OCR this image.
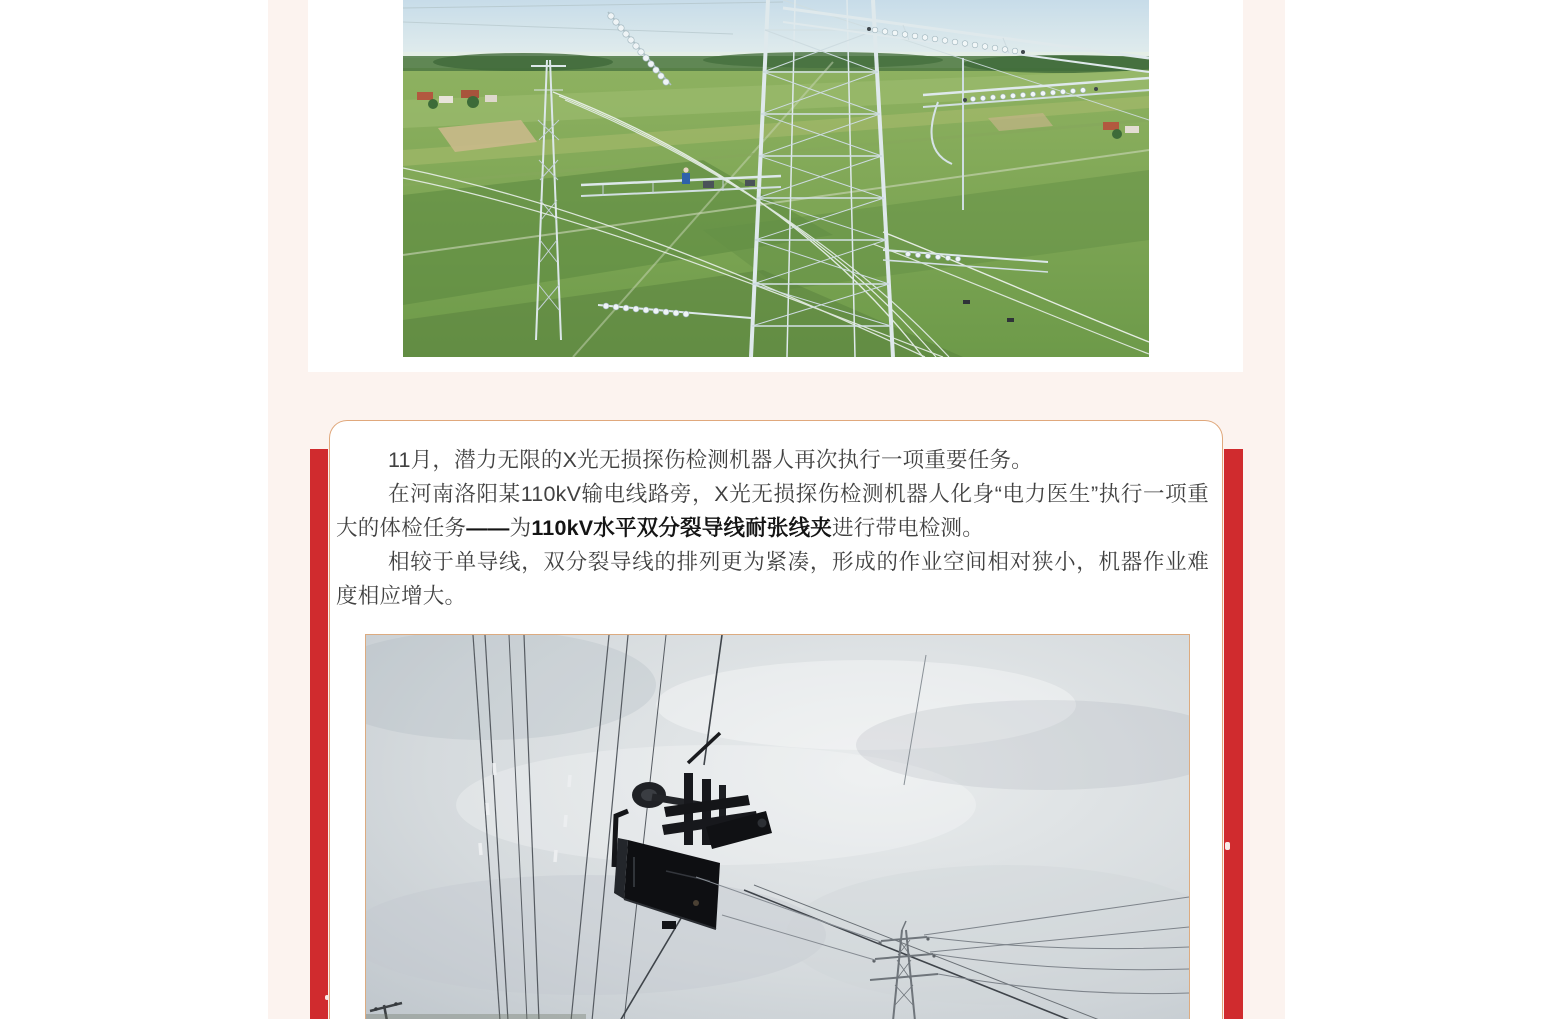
11月，潜力无限的X光无损探伤检测机器人再次执行一项重要任务。

在河南洛阳某110kV输电线路旁，X光无损探伤检测机器人化身“电力医生”执行一项重大的体检任务——为110kV水平双分裂导线耐张线夹进行带电检测。

相较于单导线，双分裂导线的排列更为紧凑，形成的作业空间相对狭小，机器作业难度相应增大。
